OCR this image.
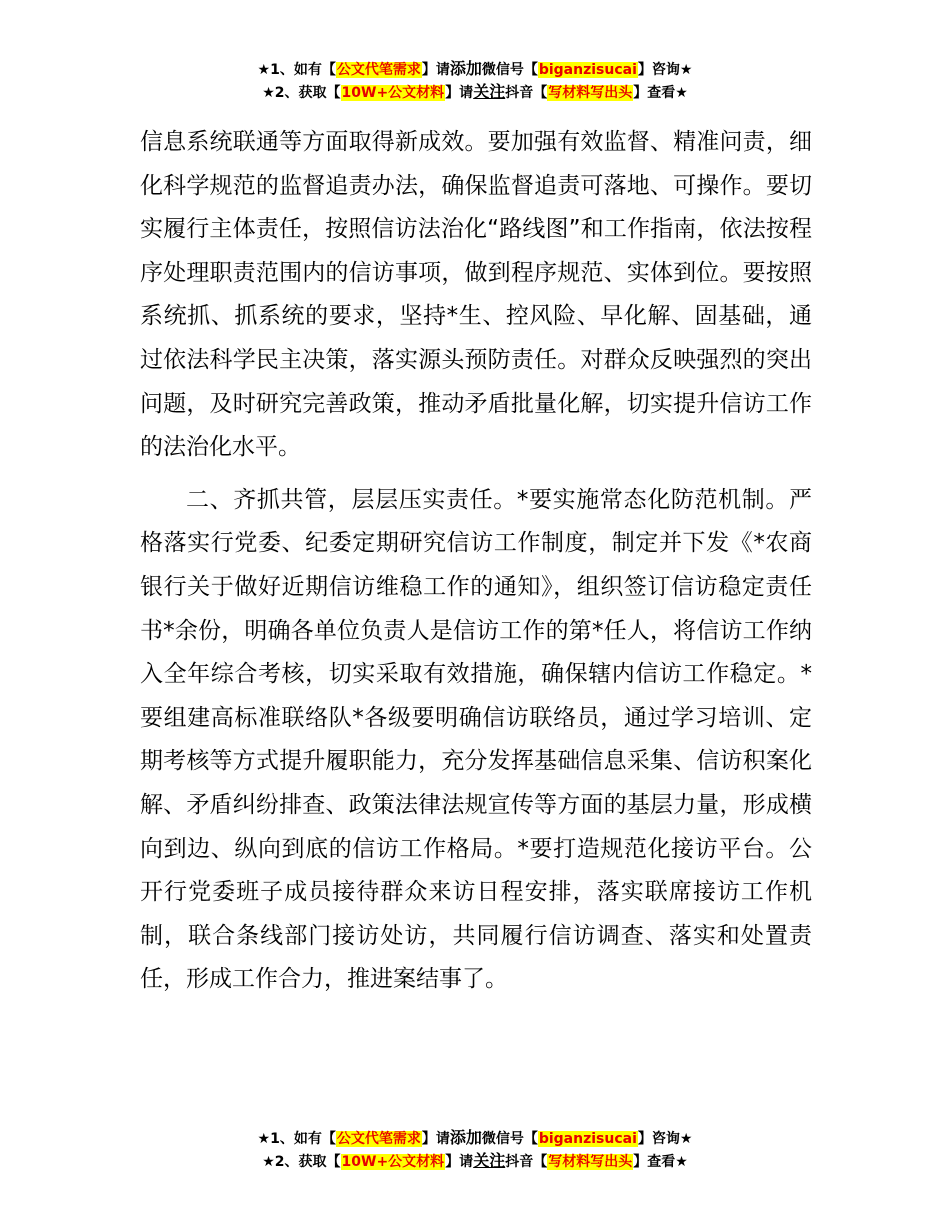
★1、如有【公文代笔需求】请添加微信号【biganzisucai】咨询★
★2、获取【10W+公文材料】请关注抖音【写材料写出头】查看★

信息系统联通等方面取得新成效。要加强有效监督、精准问责，细化科学规范的监督追责办法，确保监督追责可落地、可操作。要切实履行主体责任，按照信访法治化“路线图”和工作指南，依法按程序处理职责范围内的信访事项，做到程序规范、实体到位。要按照系统抓、抓系统的要求，坚持*生、控风险、早化解、固基础，通过依法科学民主决策，落实源头预防责任。对群众反映强烈的突出问题，及时研究完善政策，推动矛盾批量化解，切实提升信访工作的法治化水平。

二、齐抓共管，层层压实责任。*要实施常态化防范机制。严格落实行党委、纪委定期研究信访工作制度，制定并下发《*农商银行关于做好近期信访维稳工作的通知》，组织签订信访稳定责任书*余份，明确各单位负责人是信访工作的第*任人，将信访工作纳入全年综合考核，切实采取有效措施，确保辖内信访工作稳定。*要组建高标准联络队*各级要明确信访联络员，通过学习培训、定期考核等方式提升履职能力，充分发挥基础信息采集、信访积案化解、矛盾纠纷排查、政策法律法规宣传等方面的基层力量，形成横向到边、纵向到底的信访工作格局。*要打造规范化接访平台。公开行党委班子成员接待群众来访日程安排，落实联席接访工作机制，联合条线部门接访处访，共同履行信访调查、落实和处置责任，形成工作合力，推进案结事了。

★1、如有【公文代笔需求】请添加微信号【biganzisucai】咨询★
★2、获取【10W+公文材料】请关注抖音【写材料写出头】查看★
